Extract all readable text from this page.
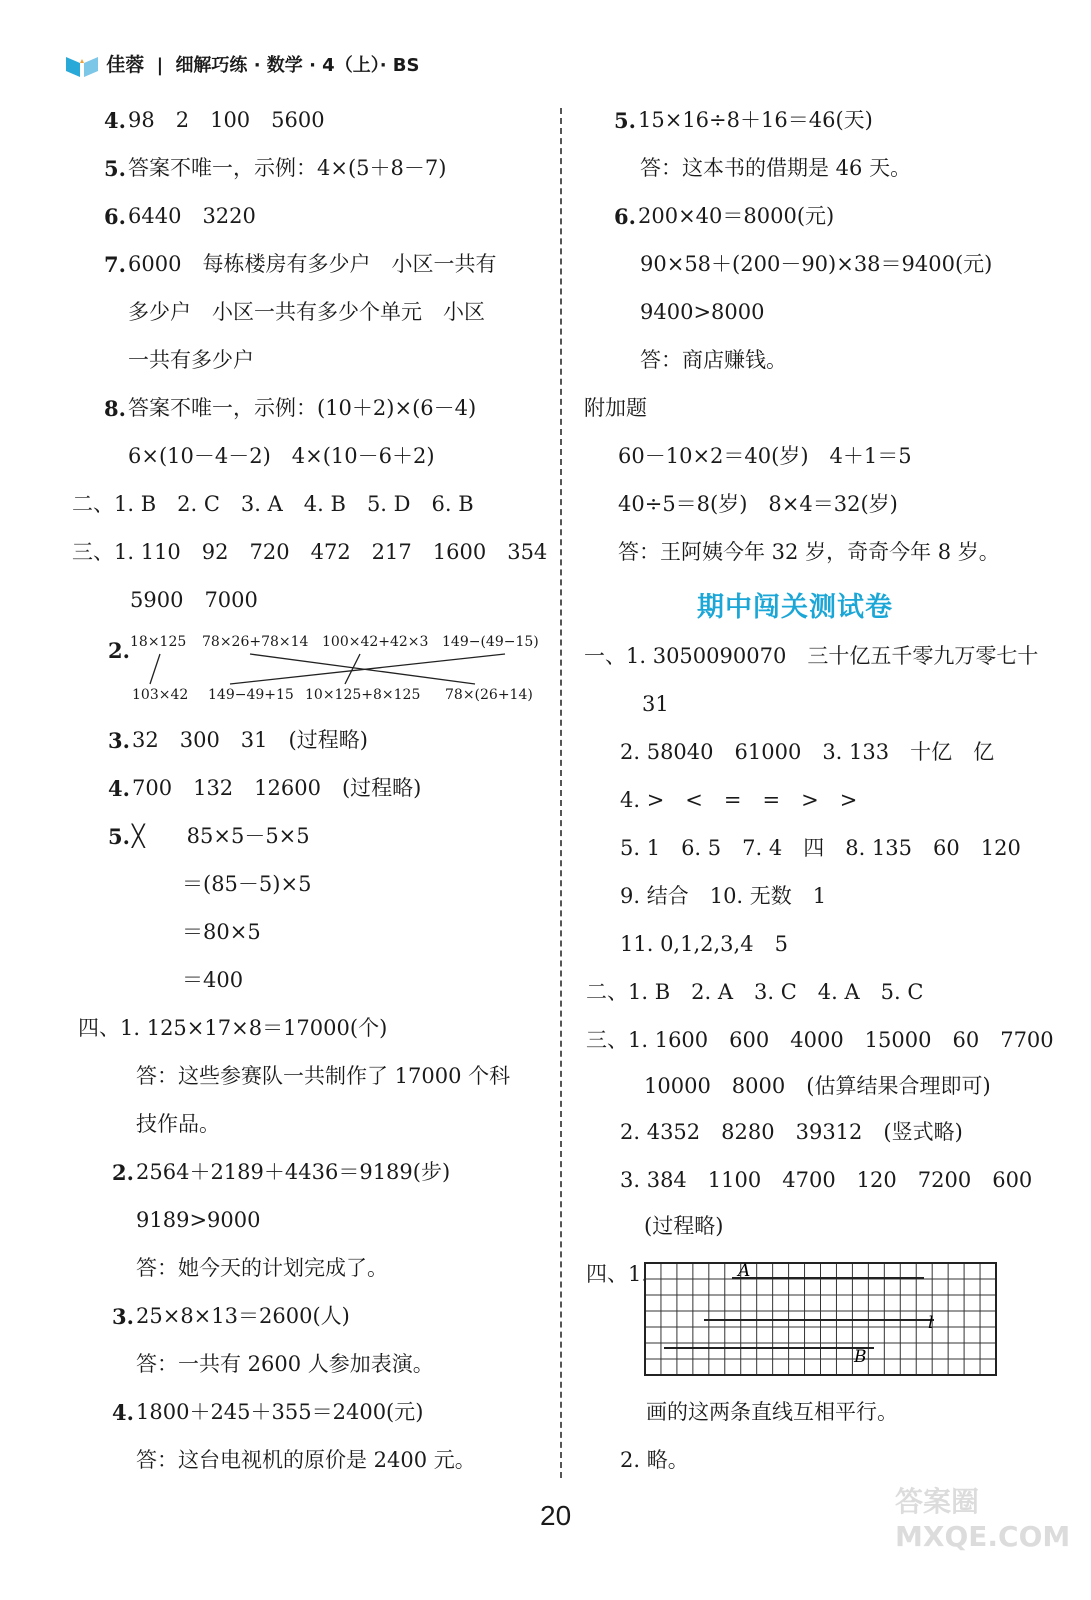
佳蓉 | 细解巧练 · 数学 · 4（上）· BS
4. 98　2　100　5600
5. 答案不唯一，示例：4×(5＋8－7)
6. 6440　3220
7. 6000　每栋楼房有多少户　小区一共有
多少户　小区一共有多少个单元　小区
一共有多少户
8. 答案不唯一，示例：(10＋2)×(6－4)
6×(10－4－2)　4×(10－6＋2)
二、1. B　2. C　3. A　4. B　5. D　6. B
三、1. 110　92　720　472　217　1600　354
5900　7000
2. 18×125 78×26+78×14 100×42+42×3 149−(49−15)
103×42 149−49+15 10×125+8×125 78×(26+14)
3. 32　300　31　(过程略)
4. 700　132　12600　(过程略)
5. ╳　　85×5－5×5
＝(85－5)×5
＝80×5
＝400
四、1. 125×17×8＝17000(个)
答：这些参赛队一共制作了 17000 个科
技作品。
2. 2564＋2189＋4436＝9189(步)
9189>9000
答：她今天的计划完成了。
3. 25×8×13＝2600(人)
答：一共有 2600 人参加表演。
4. 1800＋245＋355＝2400(元)
答：这台电视机的原价是 2400 元。
5. 15×16÷8＋16＝46(天)
答：这本书的借期是 46 天。
6. 200×40＝8000(元)
90×58＋(200－90)×38＝9400(元)
9400>8000
答：商店赚钱。
附加题
60－10×2＝40(岁)　4＋1＝5
40÷5＝8(岁)　8×4＝32(岁)
答：王阿姨今年 32 岁，奇奇今年 8 岁。
期中闯关测试卷
一、1. 3050090070　三十亿五千零九万零七十
31
2. 58040　61000　3. 133　十亿　亿
4. >　<　=　=　>　>
5. 1　6. 5　7. 4　四　8. 135　60　120
9. 结合　10. 无数　1
11. 0,1,2,3,4　5
二、1. B　2. A　3. C　4. A　5. C
三、1. 1600　600　4000　15000　60　7700
10000　8000　(估算结果合理即可)
2. 4352　8280　39312　(竖式略)
3. 384　1100　4700　120　7200　600
(过程略)
四、1.	A
B
l
画的这两条直线互相平行。
2. 略。
20	答案圈 MXQE.COM
